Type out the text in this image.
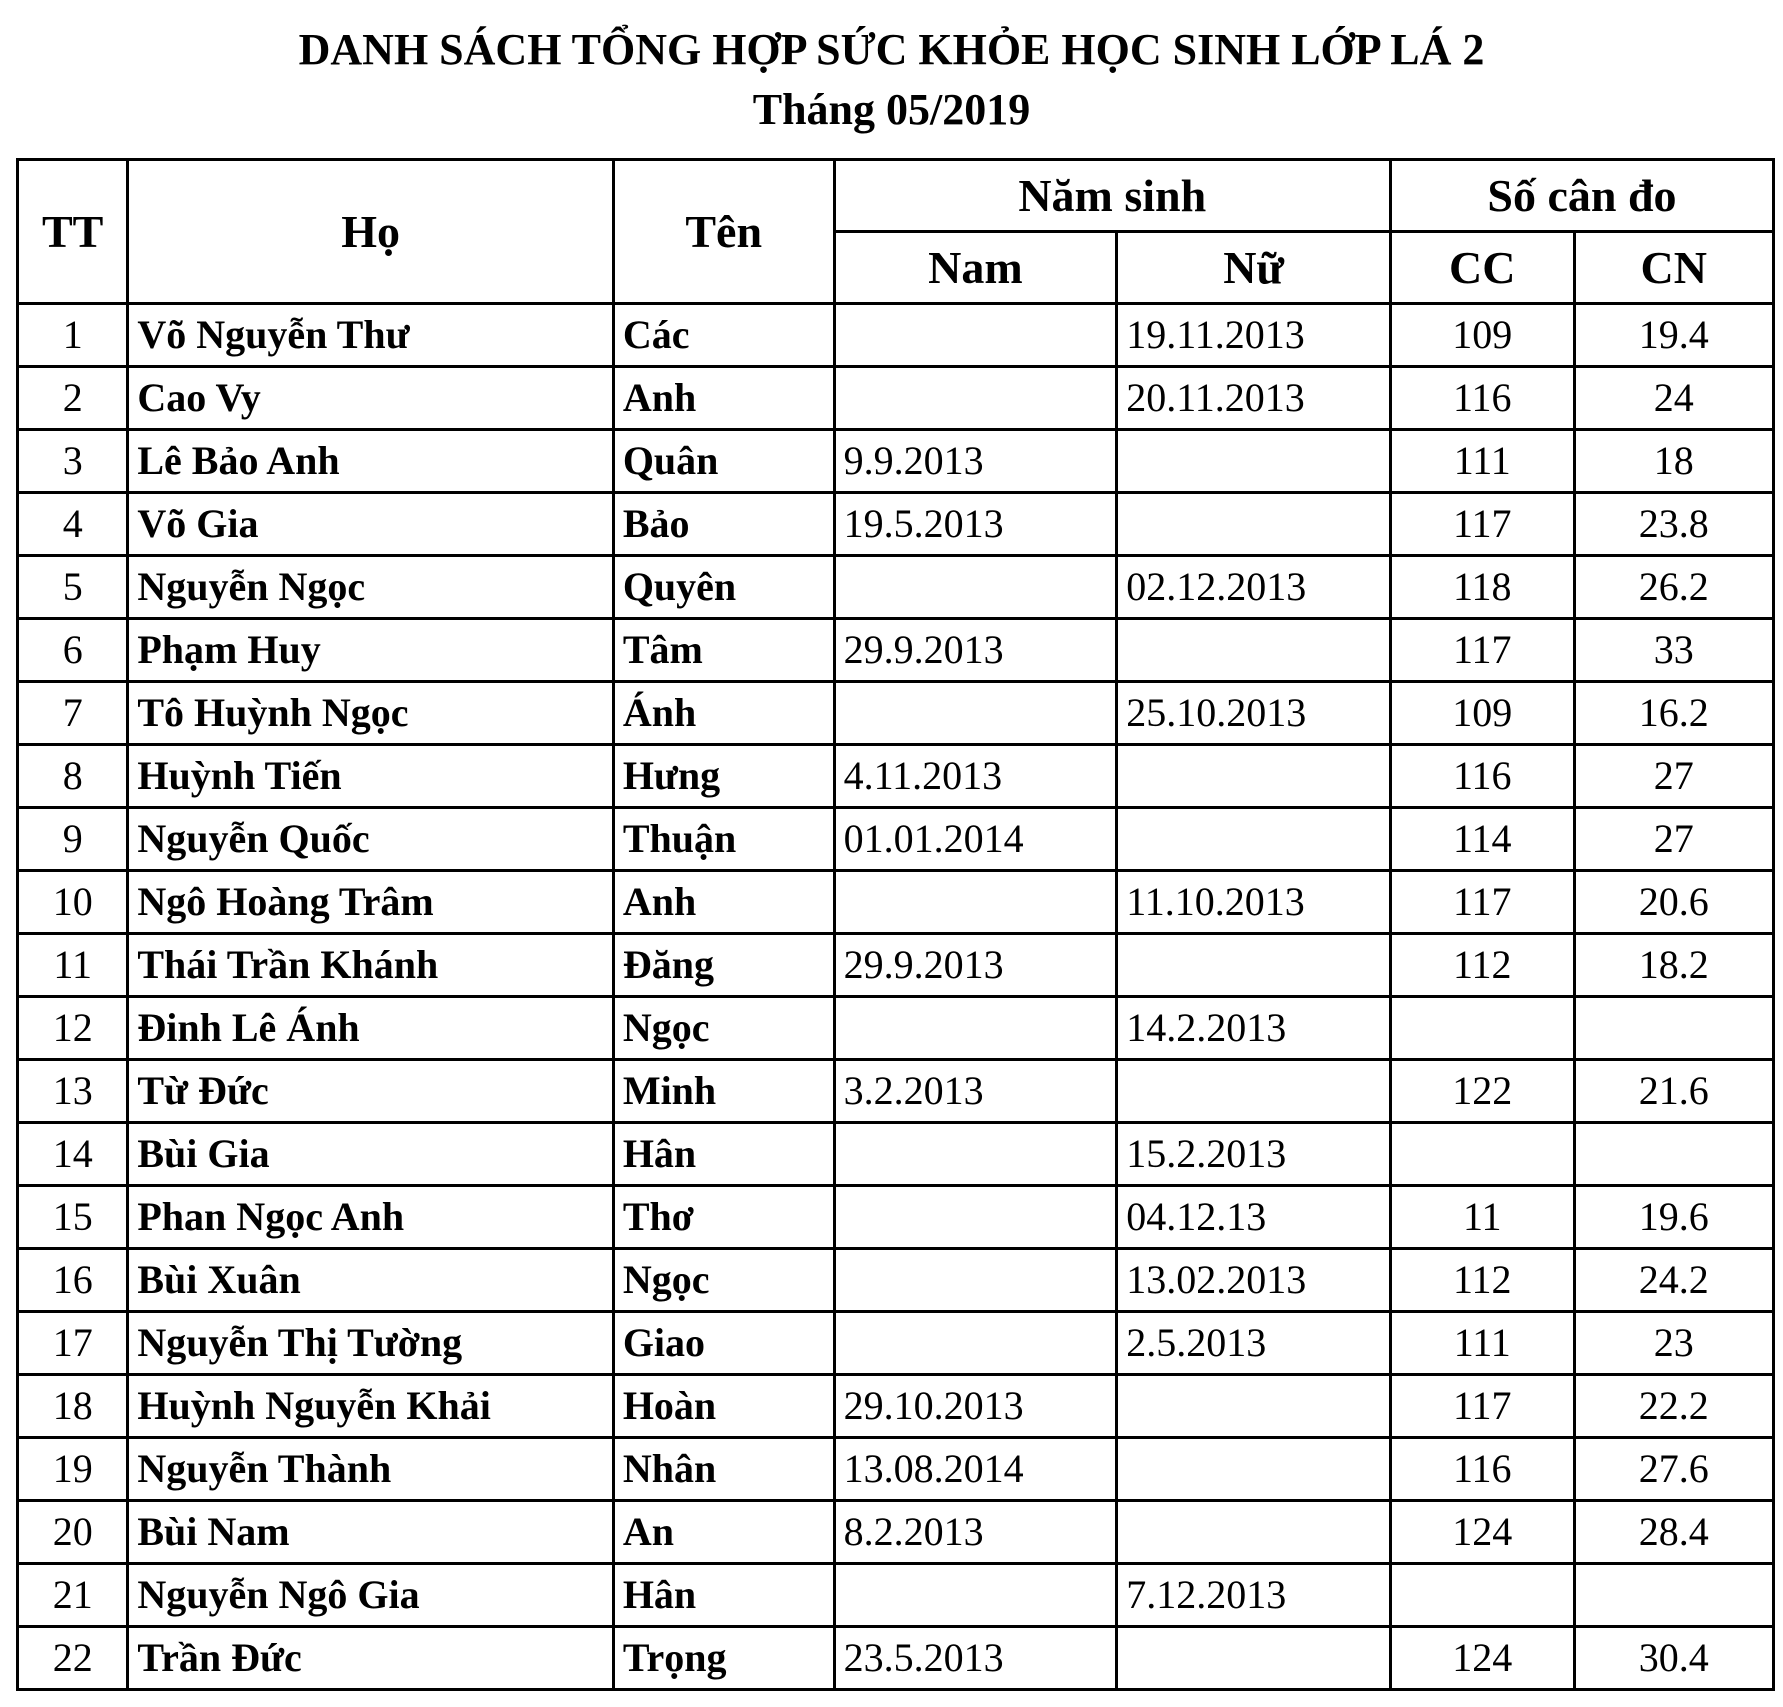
DANH SÁCH TỔNG HỢP SỨC KHỎE HỌC SINH LỚP LÁ 2
Tháng 05/2019
TT	Họ	Tên	Năm sinh		Số cân đo	
			Nam	Nữ	CC	CN
1	Võ Nguyễn Thư	Các		19.11.2013	109	19.4
2	Cao Vy	Anh		20.11.2013	116	24
3	Lê Bảo Anh	Quân	9.9.2013		111	18
4	Võ Gia	Bảo	19.5.2013		117	23.8
5	Nguyễn Ngọc	Quyên		02.12.2013	118	26.2
6	Phạm Huy	Tâm	29.9.2013		117	33
7	Tô Huỳnh Ngọc	Ánh		25.10.2013	109	16.2
8	Huỳnh Tiến	Hưng	4.11.2013		116	27
9	Nguyễn Quốc	Thuận	01.01.2014		114	27
10	Ngô Hoàng Trâm	Anh		11.10.2013	117	20.6
11	Thái Trần Khánh	Đăng	29.9.2013		112	18.2
12	Đinh Lê Ánh	Ngọc		14.2.2013		
13	Từ Đức	Minh	3.2.2013		122	21.6
14	Bùi Gia	Hân		15.2.2013		
15	Phan Ngọc Anh	Thơ		04.12.13	11	19.6
16	Bùi Xuân	Ngọc		13.02.2013	112	24.2
17	Nguyễn Thị Tường	Giao		2.5.2013	111	23
18	Huỳnh Nguyễn Khải	Hoàn	29.10.2013		117	22.2
19	Nguyễn Thành	Nhân	13.08.2014		116	27.6
20	Bùi Nam	An	8.2.2013		124	28.4
21	Nguyễn Ngô Gia	Hân		7.12.2013		
22	Trần Đức	Trọng	23.5.2013		124	30.4
